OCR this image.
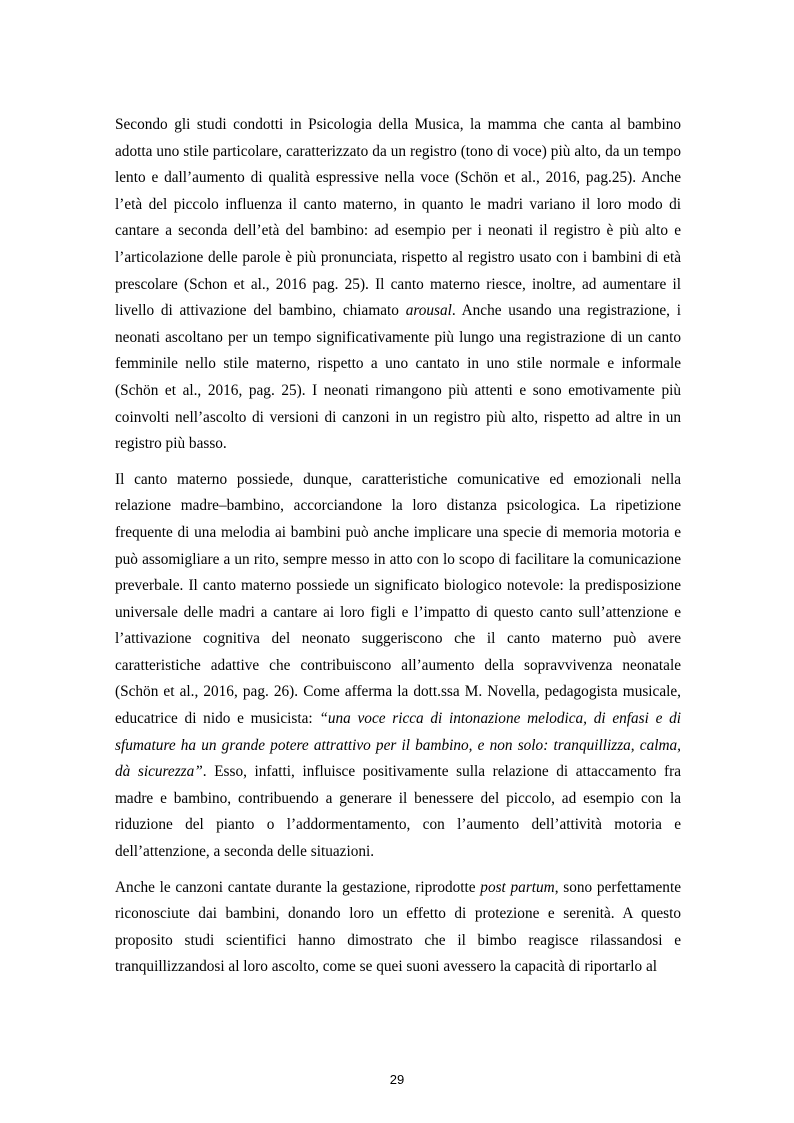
Secondo gli studi condotti in Psicologia della Musica, la mamma che canta al bambino adotta uno stile particolare, caratterizzato da un registro (tono di voce) più alto, da un tempo lento e dall’aumento di qualità espressive nella voce (Schön et al., 2016, pag.25). Anche l’età del piccolo influenza il canto materno, in quanto le madri variano il loro modo di cantare a seconda dell’età del bambino: ad esempio per i neonati il registro è più alto e l’articolazione delle parole è più pronunciata, rispetto al registro usato con i bambini di età prescolare (Schon et al., 2016 pag. 25). Il canto materno riesce, inoltre, ad aumentare il livello di attivazione del bambino, chiamato arousal. Anche usando una registrazione, i neonati ascoltano per un tempo significativamente più lungo una registrazione di un canto femminile nello stile materno, rispetto a uno cantato in uno stile normale e informale (Schön et al., 2016, pag. 25). I neonati rimangono più attenti e sono emotivamente più coinvolti nell’ascolto di versioni di canzoni in un registro più alto, rispetto ad altre in un registro più basso.

Il canto materno possiede, dunque, caratteristiche comunicative ed emozionali nella relazione madre–bambino, accorciandone la loro distanza psicologica. La ripetizione frequente di una melodia ai bambini può anche implicare una specie di memoria motoria e può assomigliare a un rito, sempre messo in atto con lo scopo di facilitare la comunicazione preverbale. Il canto materno possiede un significato biologico notevole: la predisposizione universale delle madri a cantare ai loro figli e l’impatto di questo canto sull’attenzione e l’attivazione cognitiva del neonato suggeriscono che il canto materno può avere caratteristiche adattive che contribuiscono all’aumento della sopravvivenza neonatale (Schön et al., 2016, pag. 26). Come afferma la dott.ssa M. Novella, pedagogista musicale, educatrice di nido e musicista: “una voce ricca di intonazione melodica, di enfasi e di sfumature ha un grande potere attrattivo per il bambino, e non solo: tranquillizza, calma, dà sicurezza”. Esso, infatti, influisce positivamente sulla relazione di attaccamento fra madre e bambino, contribuendo a generare il benessere del piccolo, ad esempio con la riduzione del pianto o l’addormentamento, con l’aumento dell’attività motoria e dell’attenzione, a seconda delle situazioni.

Anche le canzoni cantate durante la gestazione, riprodotte post partum, sono perfettamente riconosciute dai bambini, donando loro un effetto di protezione e serenità. A questo proposito studi scientifici hanno dimostrato che il bimbo reagisce rilassandosi e tranquillizzandosi al loro ascolto, come se quei suoni avessero la capacità di riportarlo al

29
